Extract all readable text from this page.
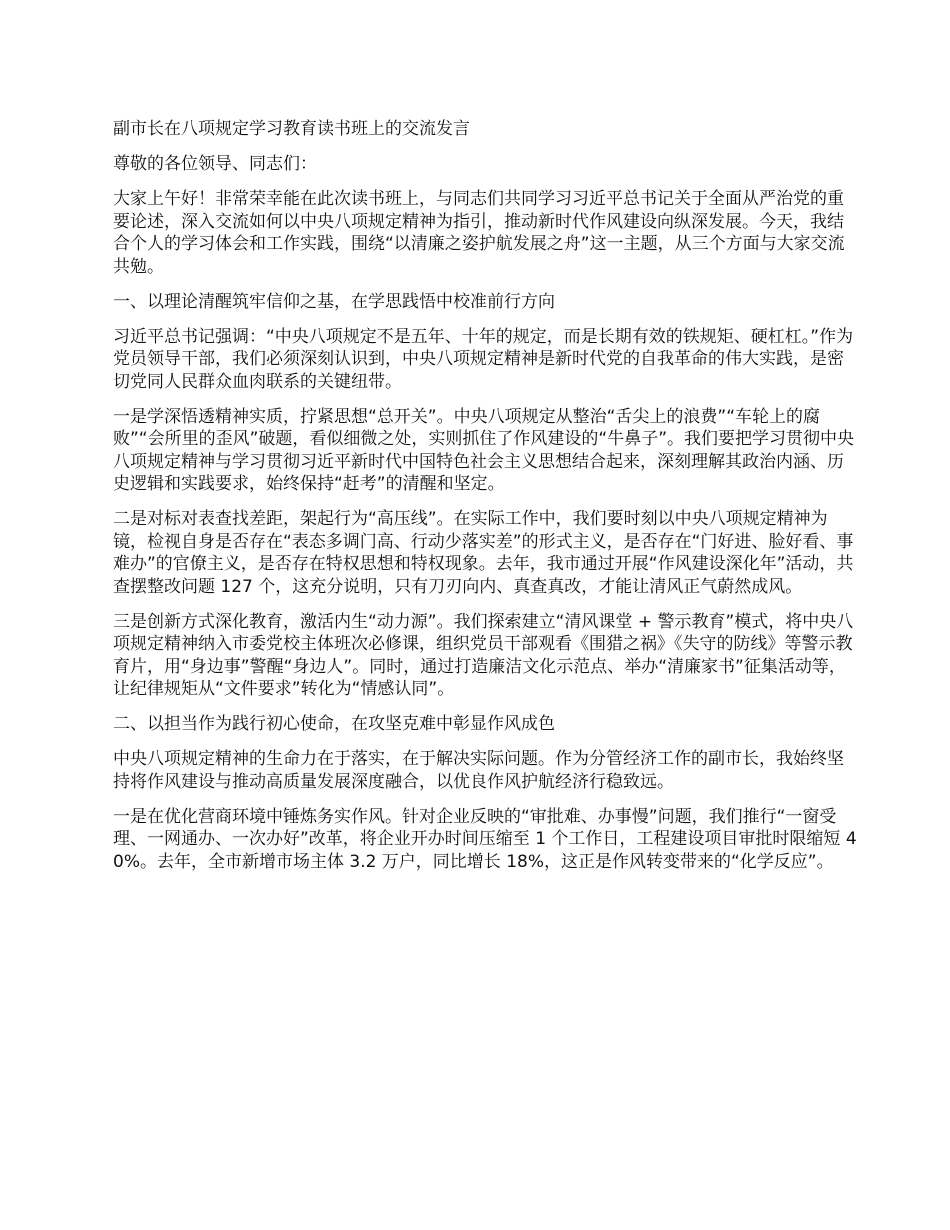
副市长在八项规定学习教育读书班上的交流发言

尊敬的各位领导、同志们：

大家上午好！非常荣幸能在此次读书班上，与同志们共同学习习近平总书记关于全面从严治党的重要论述，深入交流如何以中央八项规定精神为指引，推动新时代作风建设向纵深发展。今天，我结合个人的学习体会和工作实践，围绕“以清廉之姿护航发展之舟”这一主题，从三个方面与大家交流共勉。

一、以理论清醒筑牢信仰之基，在学思践悟中校准前行方向

习近平总书记强调：“中央八项规定不是五年、十年的规定，而是长期有效的铁规矩、硬杠杠。”作为党员领导干部，我们必须深刻认识到，中央八项规定精神是新时代党的自我革命的伟大实践，是密切党同人民群众血肉联系的关键纽带。

一是学深悟透精神实质，拧紧思想“总开关”。中央八项规定从整治“舌尖上的浪费”“车轮上的腐败”“会所里的歪风”破题，看似细微之处，实则抓住了作风建设的“牛鼻子”。我们要把学习贯彻中央八项规定精神与学习贯彻习近平新时代中国特色社会主义思想结合起来，深刻理解其政治内涵、历史逻辑和实践要求，始终保持“赶考”的清醒和坚定。

二是对标对表查找差距，架起行为“高压线”。在实际工作中，我们要时刻以中央八项规定精神为镜，检视自身是否存在“表态多调门高、行动少落实差”的形式主义，是否存在“门好进、脸好看、事难办”的官僚主义，是否存在特权思想和特权现象。去年，我市通过开展“作风建设深化年”活动，共查摆整改问题 127 个，这充分说明，只有刀刃向内、真查真改，才能让清风正气蔚然成风。

三是创新方式深化教育，激活内生“动力源”。我们探索建立“清风课堂 + 警示教育”模式，将中央八项规定精神纳入市委党校主体班次必修课，组织党员干部观看《围猎之祸》《失守的防线》等警示教育片，用“身边事”警醒“身边人”。同时，通过打造廉洁文化示范点、举办“清廉家书”征集活动等，让纪律规矩从“文件要求”转化为“情感认同”。

二、以担当作为践行初心使命，在攻坚克难中彰显作风成色

中央八项规定精神的生命力在于落实，在于解决实际问题。作为分管经济工作的副市长，我始终坚持将作风建设与推动高质量发展深度融合，以优良作风护航经济行稳致远。

一是在优化营商环境中锤炼务实作风。针对企业反映的“审批难、办事慢”问题，我们推行“一窗受理、一网通办、一次办好”改革，将企业开办时间压缩至 1 个工作日，工程建设项目审批时限缩短 40%。去年，全市新增市场主体 3.2 万户，同比增长 18%，这正是作风转变带来的“化学反应”。
